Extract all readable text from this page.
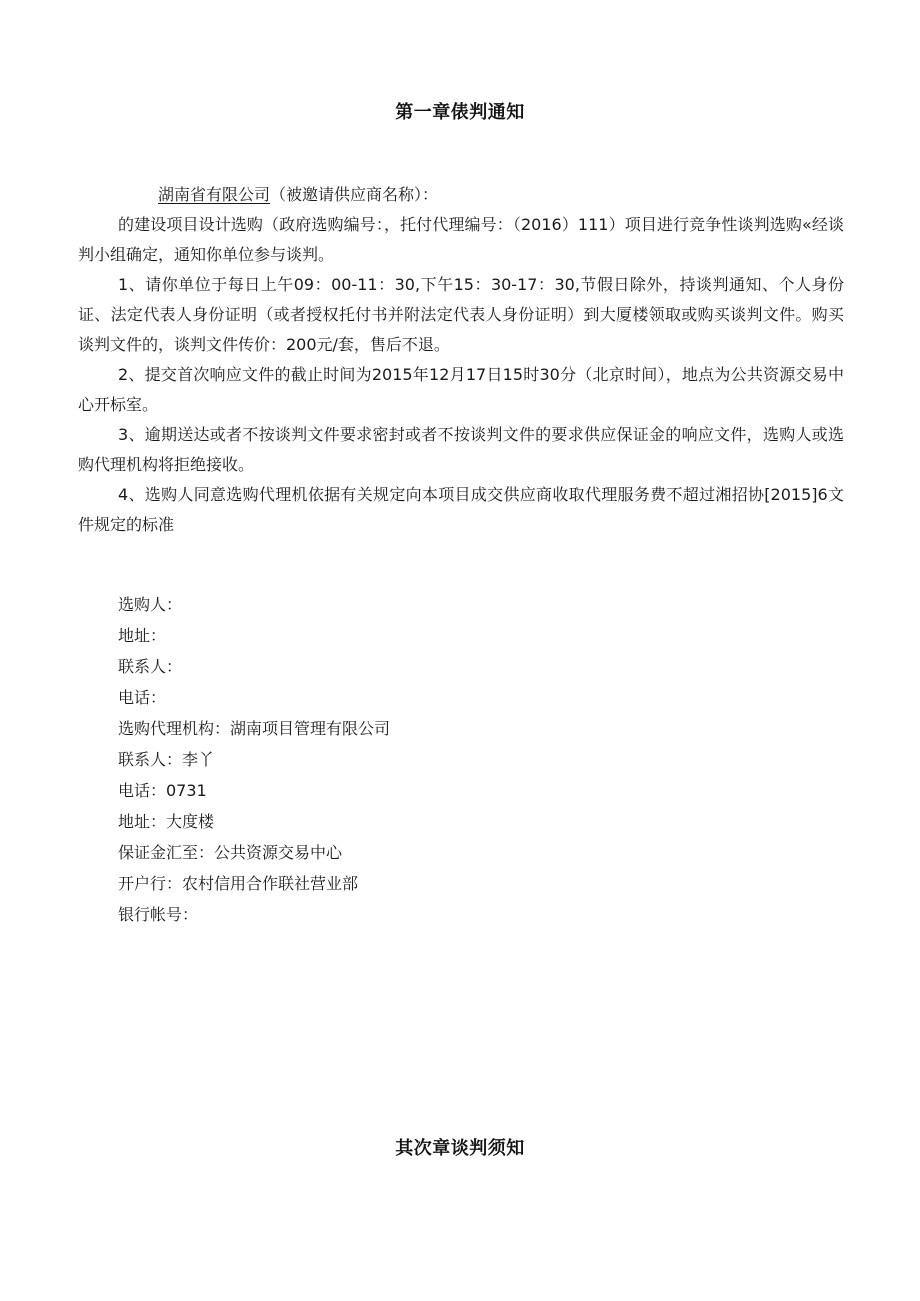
第一章俵判通知
湖南省有限公司（被邀请供应商名称）：

的建设项目设计选购（政府选购编号：，托付代理编号：（2016）111）项目进行竞争性谈判选购«经谈判小组确定，通知你单位参与谈判。

1、请你单位于每日上午09：00-11：30,下午15：30-17：30,节假日除外，持谈判通知、个人身份证、法定代表人身份证明（或者授权托付书并附法定代表人身份证明）到大厦楼领取或购买谈判文件。购买谈判文件的，谈判文件传价：200元/套，售后不退。

2、提交首次响应文件的截止时间为2015年12月17日15时30分（北京时间），地点为公共资源交易中心开标室。

3、逾期送达或者不按谈判文件要求密封或者不按谈判文件的要求供应保证金的响应文件，选购人或选购代理机构将拒绝接收。

4、选购人同意选购代理机依据有关规定向本项目成交供应商收取代理服务费不超过湘招协[2015]6文件规定的标准

选购人：
地址：
联系人：
电话：
选购代理机构：湖南项目管理有限公司
联系人：李丫
电话：0731
地址：大度楼
保证金汇至：公共资源交易中心
开户行：农村信用合作联社营业部
银行帐号：
其次章谈判须知
